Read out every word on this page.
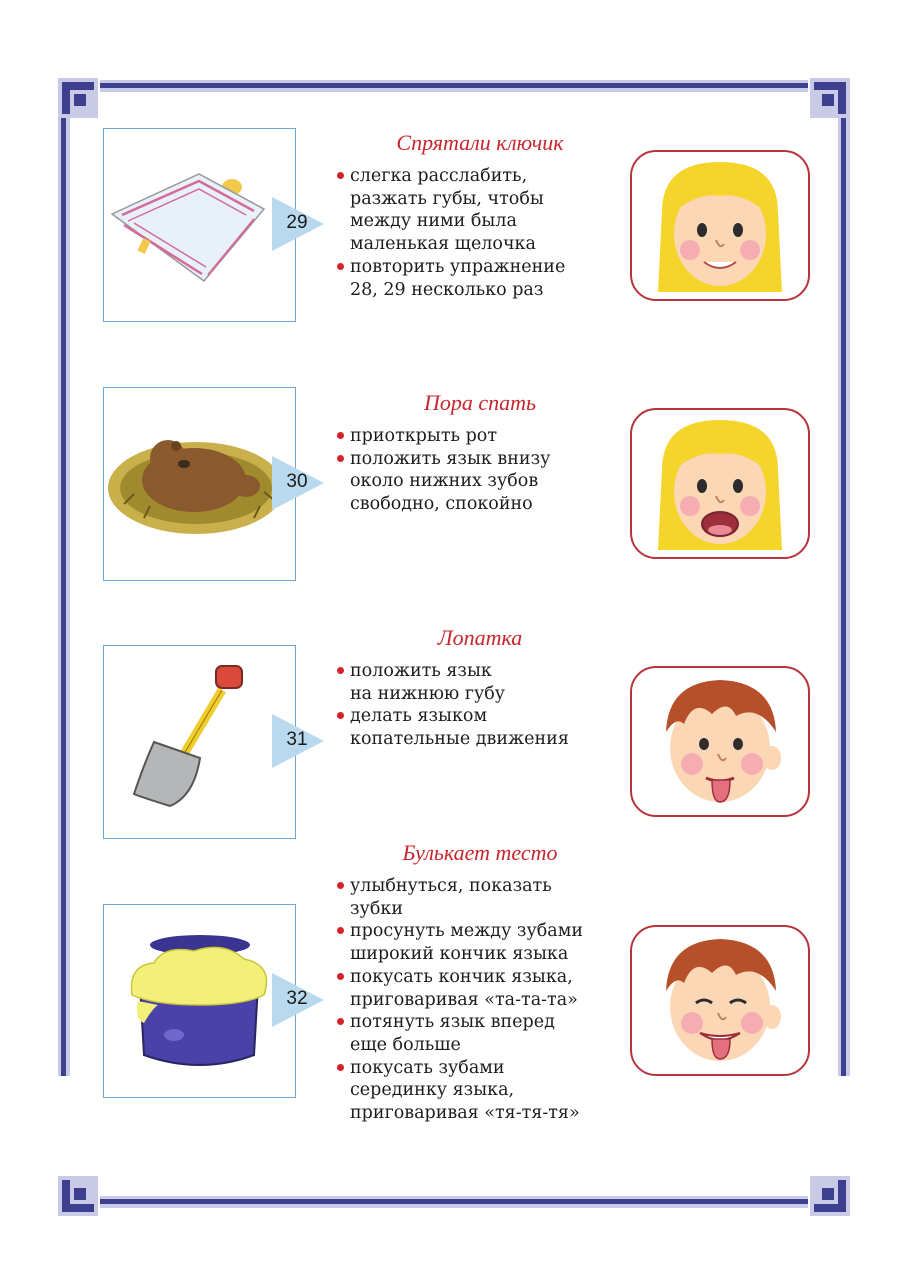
29
Спрятали ключик
слегка расслабить,
разжать губы, чтобы
между ними была
маленькая щелочка
повторить упражнение
28, 29 несколько раз
30
Пора спать
приоткрыть рот
положить язык внизу
около нижних зубов
свободно, спокойно
31
Лопатка
положить язык
на нижнюю губу
делать языком
копательные движения
32
Булькает тесто
улыбнуться, показать
зубки
просунуть между зубами
широкий кончик языка
покусать кончик языка,
приговаривая «та-та-та»
потянуть язык вперед
еще больше
покусать зубами
серединку языка,
приговаривая «тя-тя-тя»
